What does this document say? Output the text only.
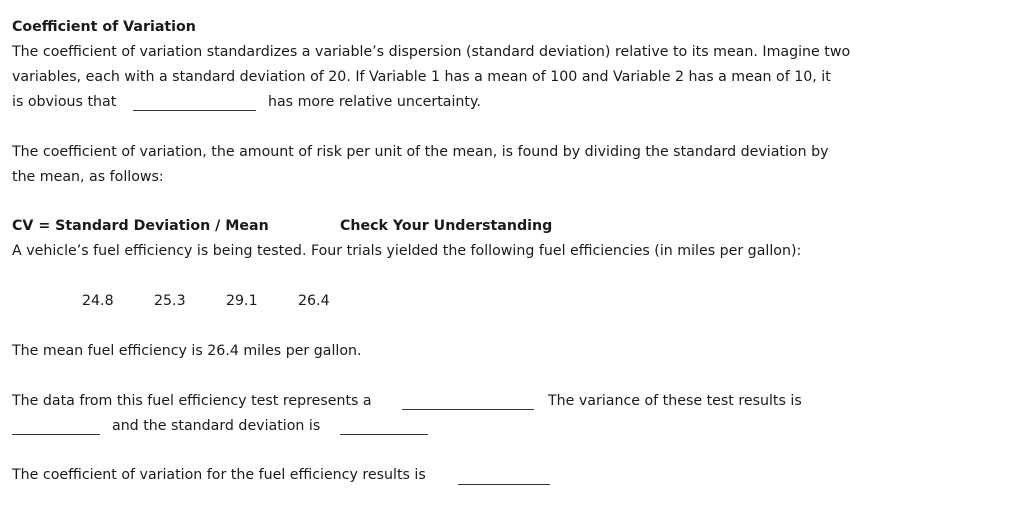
Coefficient of Variation
The coefficient of variation standardizes a variable’s dispersion (standard deviation) relative to its mean. Imagine two
variables, each with a standard deviation of 20. If Variable 1 has a mean of 100 and Variable 2 has a mean of 10, it
is obvious that	has more relative uncertainty.
The coefficient of variation, the amount of risk per unit of the mean, is found by dividing the standard deviation by
the mean, as follows:
CV = Standard Deviation / Mean	Check Your Understanding
A vehicle’s fuel efficiency is being tested. Four trials yielded the following fuel efficiencies (in miles per gallon):
24.8	25.3	29.1	26.4
The mean fuel efficiency is 26.4 miles per gallon.
The data from this fuel efficiency test represents a	The variance of these test results is
and the standard deviation is
The coefficient of variation for the fuel efficiency results is
